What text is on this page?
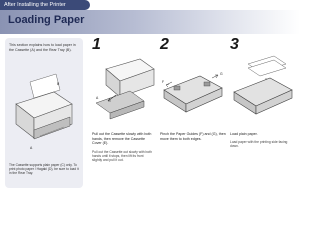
After Installing the Printer
Loading Paper
This section explains how to load paper in the Cassette (A) and the Rear Tray (B).
B
A
The Cassette supports plain paper (C) only. To print photo paper / Hagaki (D), be sure to load it in the Rear Tray.
1
A
Pull out the Cassette slowly with both hands, then remove the Cassette Cover (E).
Pull out the Cassette out slowly with both hands until it stops, then lift its front slightly and pull it out.
2
F
G
Pinch the Paper Guides (F) and (G), then move them to both edges.
3
Load plain paper.
Load paper with the printing side facing down.
